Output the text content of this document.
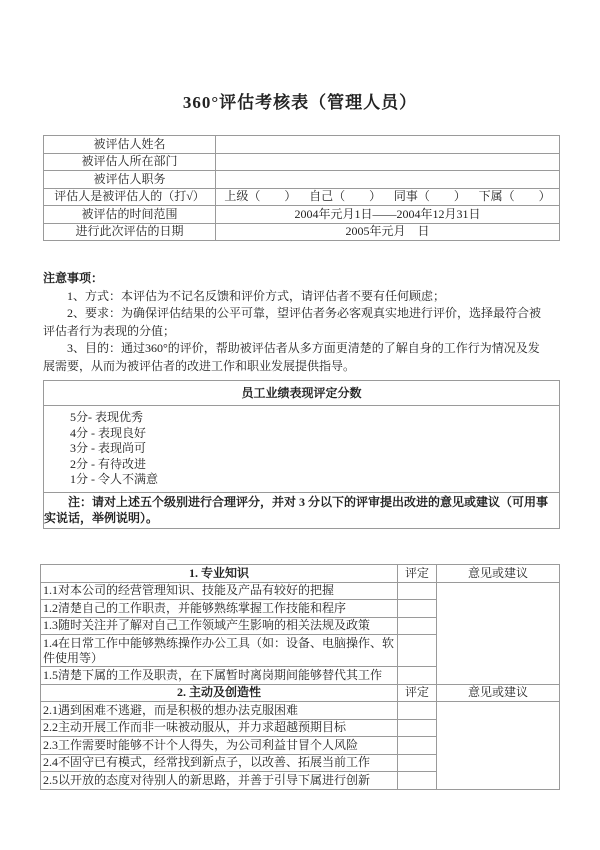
360°评估考核表（管理人员）
被评估人姓名	
被评估人所在部门	
被评估人职务	
评估人是被评估人的（打√）	上级（　　） 自己（　　） 同事（　　） 下属（　　）

被评估的时间范围	2004年元月1日——2004年12月31日
进行此次评估的日期	2005年元月　日
注意事项：
1、方式：本评估为不记名反馈和评价方式，请评估者不要有任何顾虑；
2、要求：为确保评估结果的公平可靠，望评估者务必客观真实地进行评价，选择最符合被评估者行为表现的分值；
3、目的：通过360°的评价，帮助被评估者从多方面更清楚的了解自身的工作行为情况及发展需要，从而为被评估者的改进工作和职业发展提供指导。
员工业绩表现评定分数
5分- 表现优秀
4分 - 表现良好
3分 - 表现尚可
2分 - 有待改进
1分 - 令人不满意
注：请对上述五个级别进行合理评分，并对 3 分以下的评审提出改进的意见或建议（可用事实说话，举例说明）。
1. 专业知识	评定	意见或建议
1.1对本公司的经营管理知识、技能及产品有较好的把握		
1.2清楚自己的工作职责，并能够熟练掌握工作技能和程序		
1.3随时关注并了解对自己工作领域产生影响的相关法规及政策		
1.4在日常工作中能够熟练操作办公工具（如：设备、电脑操作、软件使用等）		
1.5清楚下属的工作及职责，在下属暂时离岗期间能够替代其工作		
2. 主动及创造性	评定	意见或建议
2.1遇到困难不逃避，而是积极的想办法克服困难		
2.2主动开展工作而非一味被动服从，并力求超越预期目标		
2.3工作需要时能够不计个人得失，为公司利益甘冒个人风险		
2.4不固守已有模式，经常找到新点子，以改善、拓展当前工作		
2.5以开放的态度对待别人的新思路，并善于引导下属进行创新		
